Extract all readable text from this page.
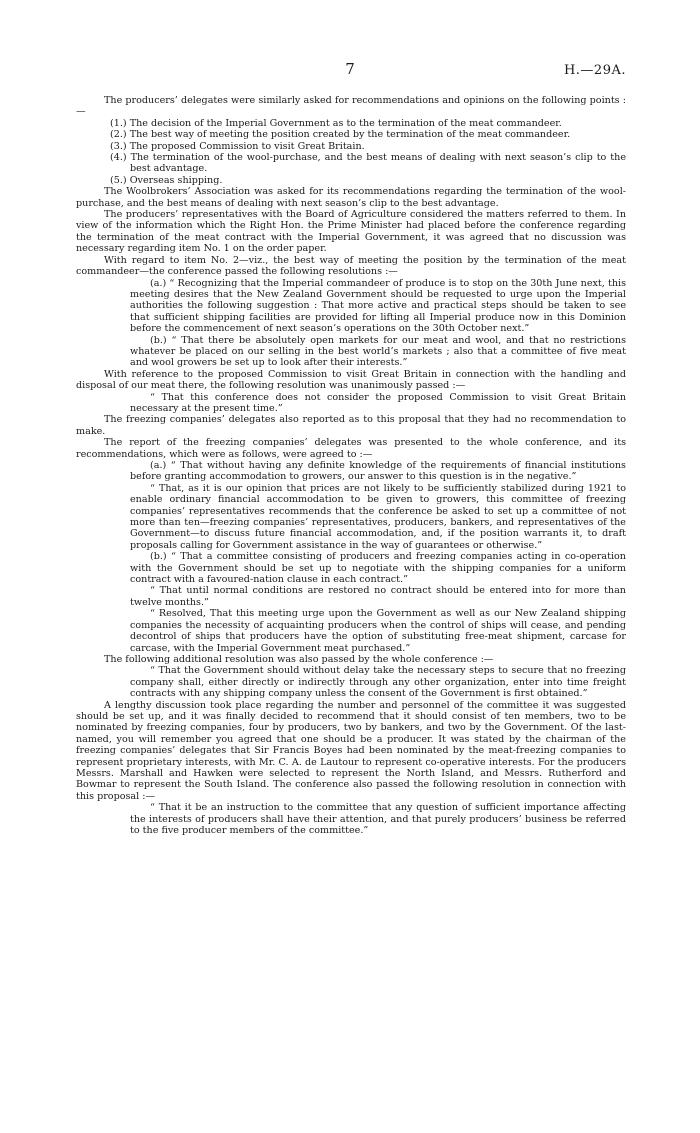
7	H.—29A.

The producers’ delegates were similarly asked for recommendations and opinions on the following points :—

(1.) The decision of the Imperial Government as to the termination of the meat commandeer.

(2.) The best way of meeting the position created by the termination of the meat commandeer.

(3.) The proposed Commission to visit Great Britain.

(4.) The termination of the wool-purchase, and the best means of dealing with next season’s clip to the best advantage.

(5.) Overseas shipping.

The Woolbrokers’ Association was asked for its recommendations regarding the termination of the wool-purchase, and the best means of dealing with next season’s clip to the best advantage.

The producers’ representatives with the Board of Agriculture considered the matters referred to them. In view of the information which the Right Hon. the Prime Minister had placed before the conference regarding the termination of the meat contract with the Imperial Government, it was agreed that no discussion was necessary regarding item No. 1 on the order paper.

With regard to item No. 2—viz., the best way of meeting the position by the termination of the meat commandeer—the conference passed the following resolutions :—

(a.) “ Recognizing that the Imperial commandeer of produce is to stop on the 30th June next, this meeting desires that the New Zealand Government should be requested to urge upon the Imperial authorities the following suggestion : That more active and practical steps should be taken to see that sufficient shipping facilities are provided for lifting all Imperial produce now in this Dominion before the commencement of next season’s operations on the 30th October next.”

(b.) “ That there be absolutely open markets for our meat and wool, and that no restrictions whatever be placed on our selling in the best world’s markets ; also that a committee of five meat and wool growers be set up to look after their interests.”

With reference to the proposed Commission to visit Great Britain in connection with the handling and disposal of our meat there, the following resolution was unanimously passed :—

“ That this conference does not consider the proposed Commission to visit Great Britain necessary at the present time.”

The freezing companies’ delegates also reported as to this proposal that they had no recommendation to make.

The report of the freezing companies’ delegates was presented to the whole conference, and its recommendations, which were as follows, were agreed to :—

(a.) “ That without having any definite knowledge of the requirements of financial institutions before granting accommodation to growers, our answer to this question is in the negative.”

“ That, as it is our opinion that prices are not likely to be sufficiently stabilized during 1921 to enable ordinary financial accommodation to be given to growers, this committee of freezing companies’ representatives recommends that the conference be asked to set up a committee of not more than ten—freezing companies’ representatives, producers, bankers, and representatives of the Government—to discuss future financial accommodation, and, if the position warrants it, to draft proposals calling for Government assistance in the way of guarantees or otherwise.”

(b.) “ That a committee consisting of producers and freezing companies acting in co-operation with the Government should be set up to negotiate with the shipping companies for a uniform contract with a favoured-nation clause in each contract.”

“ That until normal conditions are restored no contract should be entered into for more than twelve months.”

“ Resolved, That this meeting urge upon the Government as well as our New Zealand shipping companies the necessity of acquainting producers when the control of ships will cease, and pending decontrol of ships that producers have the option of substituting free-meat shipment, carcase for carcase, with the Imperial Government meat purchased.”

The following additional resolution was also passed by the whole conference :—

“ That the Government should without delay take the necessary steps to secure that no freezing company shall, either directly or indirectly through any other organization, enter into time freight contracts with any shipping company unless the consent of the Government is first obtained.”

A lengthy discussion took place regarding the number and personnel of the committee it was suggested should be set up, and it was finally decided to recommend that it should consist of ten members, two to be nominated by freezing companies, four by producers, two by bankers, and two by the Government. Of the last-named, you will remember you agreed that one should be a producer. It was stated by the chairman of the freezing companies’ delegates that Sir Francis Boyes had been nominated by the meat-freezing companies to represent proprietary interests, with Mr. C. A. de Lautour to represent co-operative interests. For the producers Messrs. Marshall and Hawken were selected to represent the North Island, and Messrs. Rutherford and Bowmar to represent the South Island. The conference also passed the following resolution in connection with this proposal :—

“ That it be an instruction to the committee that any question of sufficient importance affecting the interests of producers shall have their attention, and that purely producers’ business be referred to the five producer members of the committee.”
